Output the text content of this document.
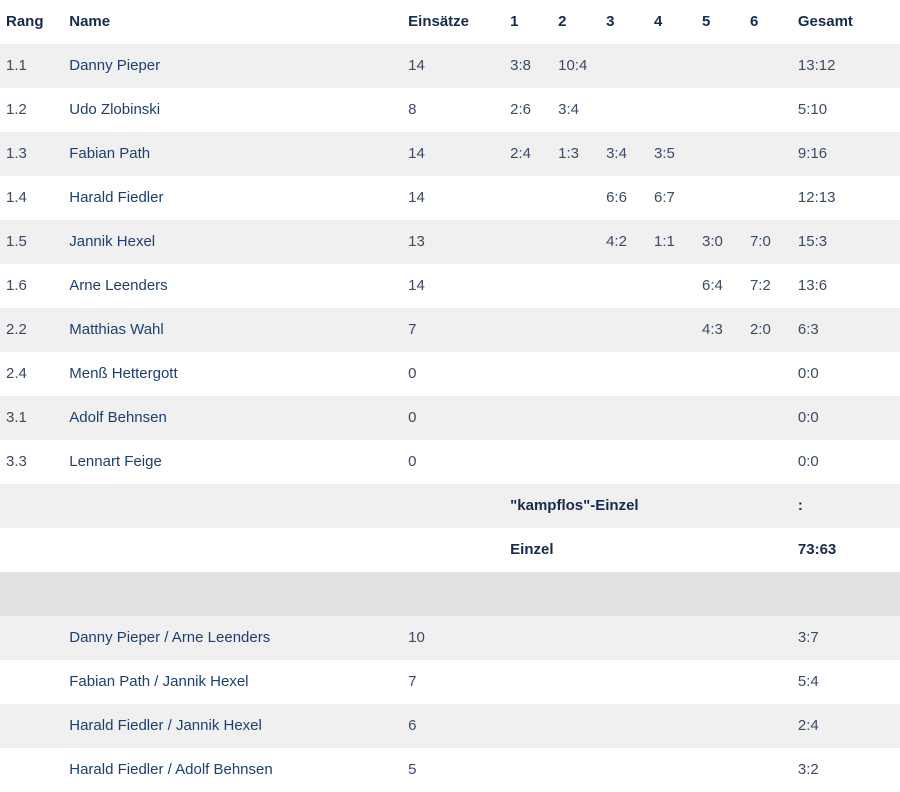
Rang	Name	Einsätze	1	2	3	4	5	6	Gesamt
1.1	Danny Pieper	14	3:8	10:4					13:12
1.2	Udo Zlobinski	8	2:6	3:4					5:10
1.3	Fabian Path	14	2:4	1:3	3:4	3:5			9:16
1.4	Harald Fiedler	14			6:6	6:7			12:13
1.5	Jannik Hexel	13			4:2	1:1	3:0	7:0	15:3
1.6	Arne Leenders	14					6:4	7:2	13:6
2.2	Matthias Wahl	7					4:3	2:0	6:3
2.4	Menß Hettergott	0							0:0
3.1	Adolf Behnsen	0							0:0
3.3	Lennart Feige	0							0:0
			"kampflos"-Einzel						:
			Einzel						73:63

	Danny Pieper / Arne Leenders	10							3:7
	Fabian Path / Jannik Hexel	7							5:4
	Harald Fiedler / Jannik Hexel	6							2:4
	Harald Fiedler / Adolf Behnsen	5							3:2
